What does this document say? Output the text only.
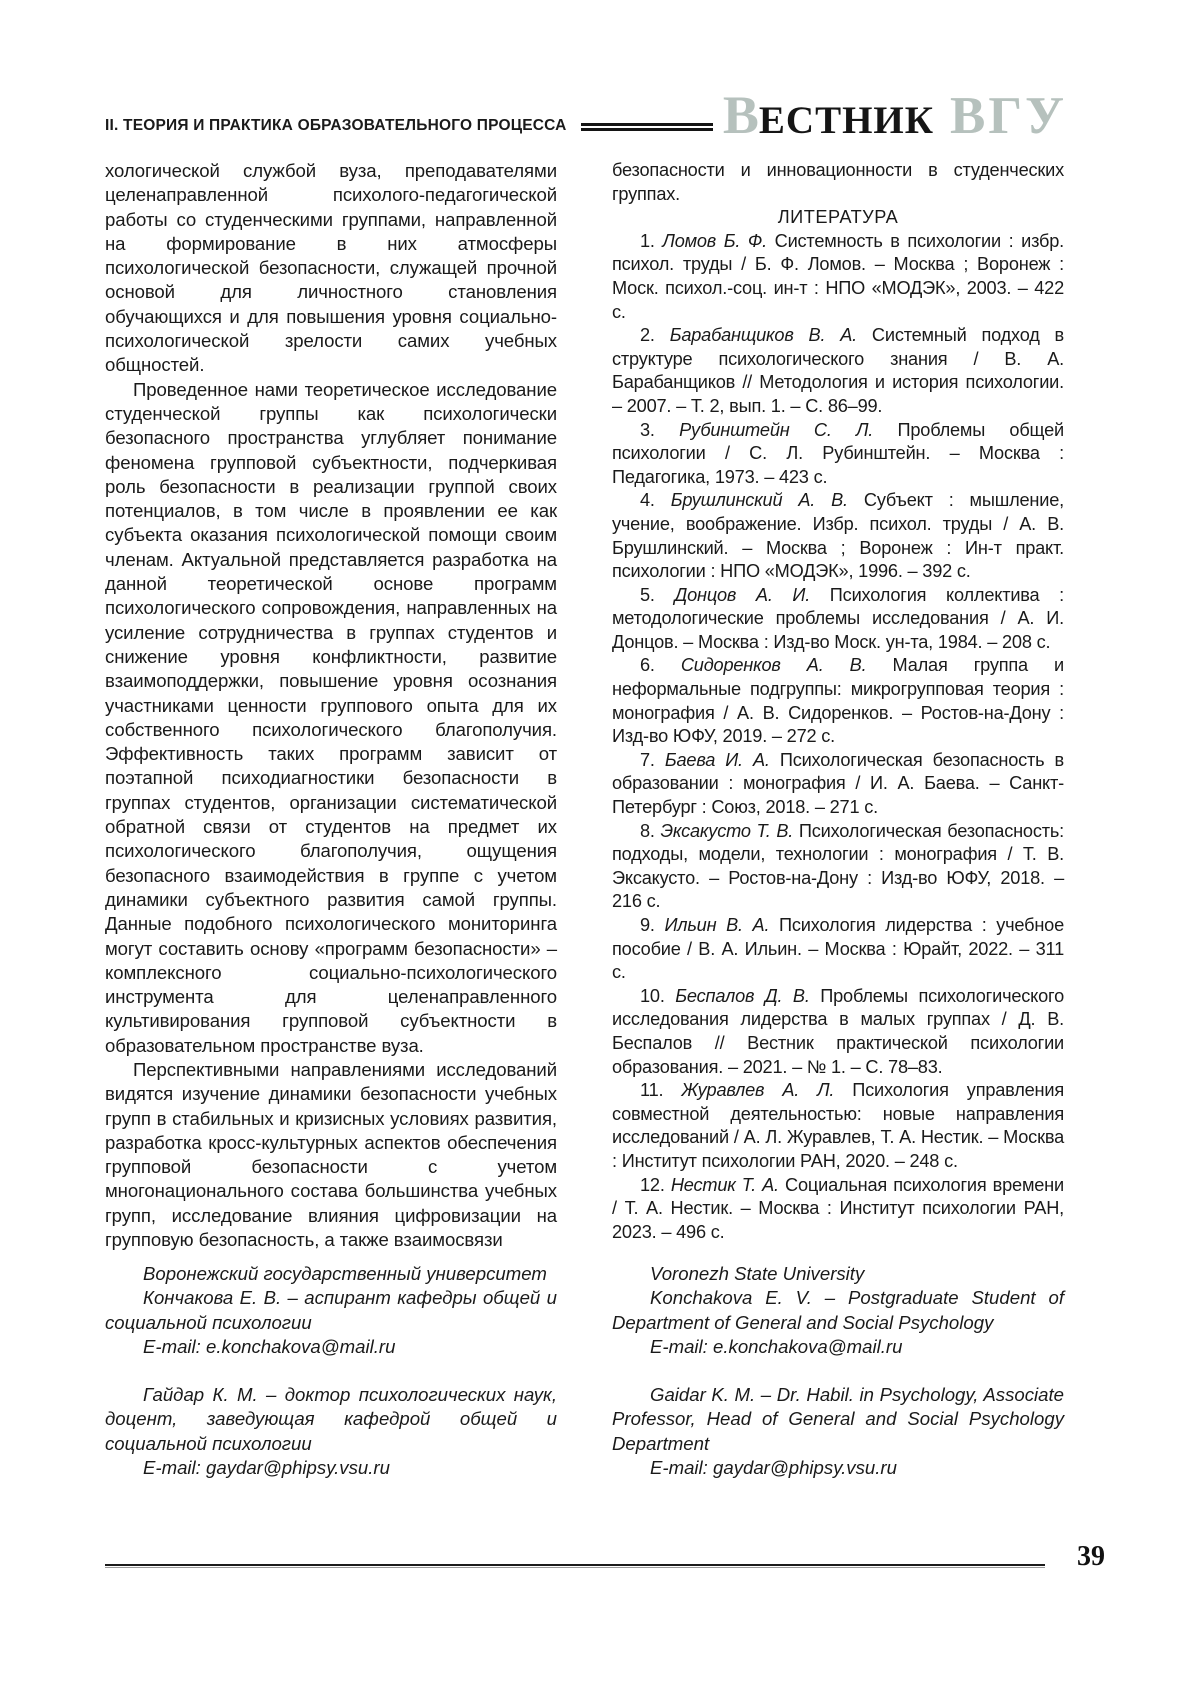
II. ТЕОРИЯ И ПРАКТИКА ОБРАЗОВАТЕЛЬНОГО ПРОЦЕССА	ВЕСТНИК ВГУ

хологической службой вуза, преподавателями целенаправленной психолого-педагогической работы со студенческими группами, направленной на формирование в них атмосферы психологической безопасности, служащей прочной основой для личностного становления обучающихся и для повышения уровня социально-психологической зрелости самих учебных общностей.

Проведенное нами теоретическое исследование студенческой группы как психологически безопасного пространства углубляет понимание феномена групповой субъектности, подчеркивая роль безопасности в реализации группой своих потенциалов, в том числе в проявлении ее как субъекта оказания психологической помощи своим членам. Актуальной представляется разработка на данной теоретической основе программ психологического сопровождения, направленных на усиление сотрудничества в группах студентов и снижение уровня конфликтности, развитие взаимоподдержки, повышение уровня осознания участниками ценности группового опыта для их собственного психологического благополучия. Эффективность таких программ зависит от поэтапной психодиагностики безопасности в группах студентов, организации систематической обратной связи от студентов на предмет их психологического благополучия, ощущения безопасного взаимодействия в группе с учетом динамики субъектного развития самой группы. Данные подобного психологического мониторинга могут составить основу «программ безопасности» – комплексного социально-психологического инструмента для целенаправленного культивирования групповой субъектности в образовательном пространстве вуза.

Перспективными направлениями исследований видятся изучение динамики безопасности учебных групп в стабильных и кризисных условиях развития, разработка кросс-культурных аспектов обеспечения групповой безопасности с учетом многонационального состава большинства учебных групп, исследование влияния цифровизации на групповую безопасность, а также взаимосвязи

безопасности и инновационности в студенческих группах.

ЛИТЕРАТУРА

1. Ломов Б. Ф. Системность в психологии : избр. психол. труды / Б. Ф. Ломов. – Москва ; Воронеж : Моск. психол.-соц. ин-т : НПО «МОДЭК», 2003. – 422 с.

2. Барабанщиков В. А. Системный подход в структуре психологического знания / В. А. Барабанщиков // Методология и история психологии. – 2007. – Т. 2, вып. 1. – С. 86–99.

3. Рубинштейн С. Л. Проблемы общей психологии / С. Л. Рубинштейн. – Москва : Педагогика, 1973. – 423 с.

4. Брушлинский А. В. Субъект : мышление, учение, воображение. Избр. психол. труды / А. В. Брушлинский. – Москва ; Воронеж : Ин-т практ. психологии : НПО «МОДЭК», 1996. – 392 с.

5. Донцов А. И. Психология коллектива : методологические проблемы исследования / А. И. Донцов. – Москва : Изд-во Моск. ун-та, 1984. – 208 с.

6. Сидоренков А. В. Малая группа и неформальные подгруппы: микрогрупповая теория : монография / А. В. Сидоренков. – Ростов-на-Дону : Изд-во ЮФУ, 2019. – 272 с.

7. Баева И. А. Психологическая безопасность в образовании : монография / И. А. Баева. – Санкт-Петербург : Союз, 2018. – 271 с.

8. Эксакусто Т. В. Психологическая безопасность: подходы, модели, технологии : монография / Т. В. Эксакусто. – Ростов-на-Дону : Изд-во ЮФУ, 2018. – 216 с.

9. Ильин В. А. Психология лидерства : учебное пособие / В. А. Ильин. – Москва : Юрайт, 2022. – 311 с.

10. Беспалов Д. В. Проблемы психологического исследования лидерства в малых группах / Д. В. Беспалов // Вестник практической психологии образования. – 2021. – № 1. – С. 78–83.

11. Журавлев А. Л. Психология управления совместной деятельностью: новые направления исследований / А. Л. Журавлев, Т. А. Нестик. – Москва : Институт психологии РАН, 2020. – 248 с.

12. Нестик Т. А. Социальная психология времени / Т. А. Нестик. – Москва : Институт психологии РАН, 2023. – 496 с.

Воронежский государственный университет

Кончакова Е. В. – аспирант кафедры общей и социальной психологии

E-mail: e.konchakova@mail.ru

Гайдар К. М. – доктор психологических наук, доцент, заведующая кафедрой общей и социальной психологии

E-mail: gaydar@phipsy.vsu.ru

Voronezh State University

Konchakova E. V. – Postgraduate Student of Department of General and Social Psychology

E-mail: e.konchakova@mail.ru

Gaidar K. M. – Dr. Habil. in Psychology, Associate Professor, Head of General and Social Psychology Department

E-mail: gaydar@phipsy.vsu.ru

39
